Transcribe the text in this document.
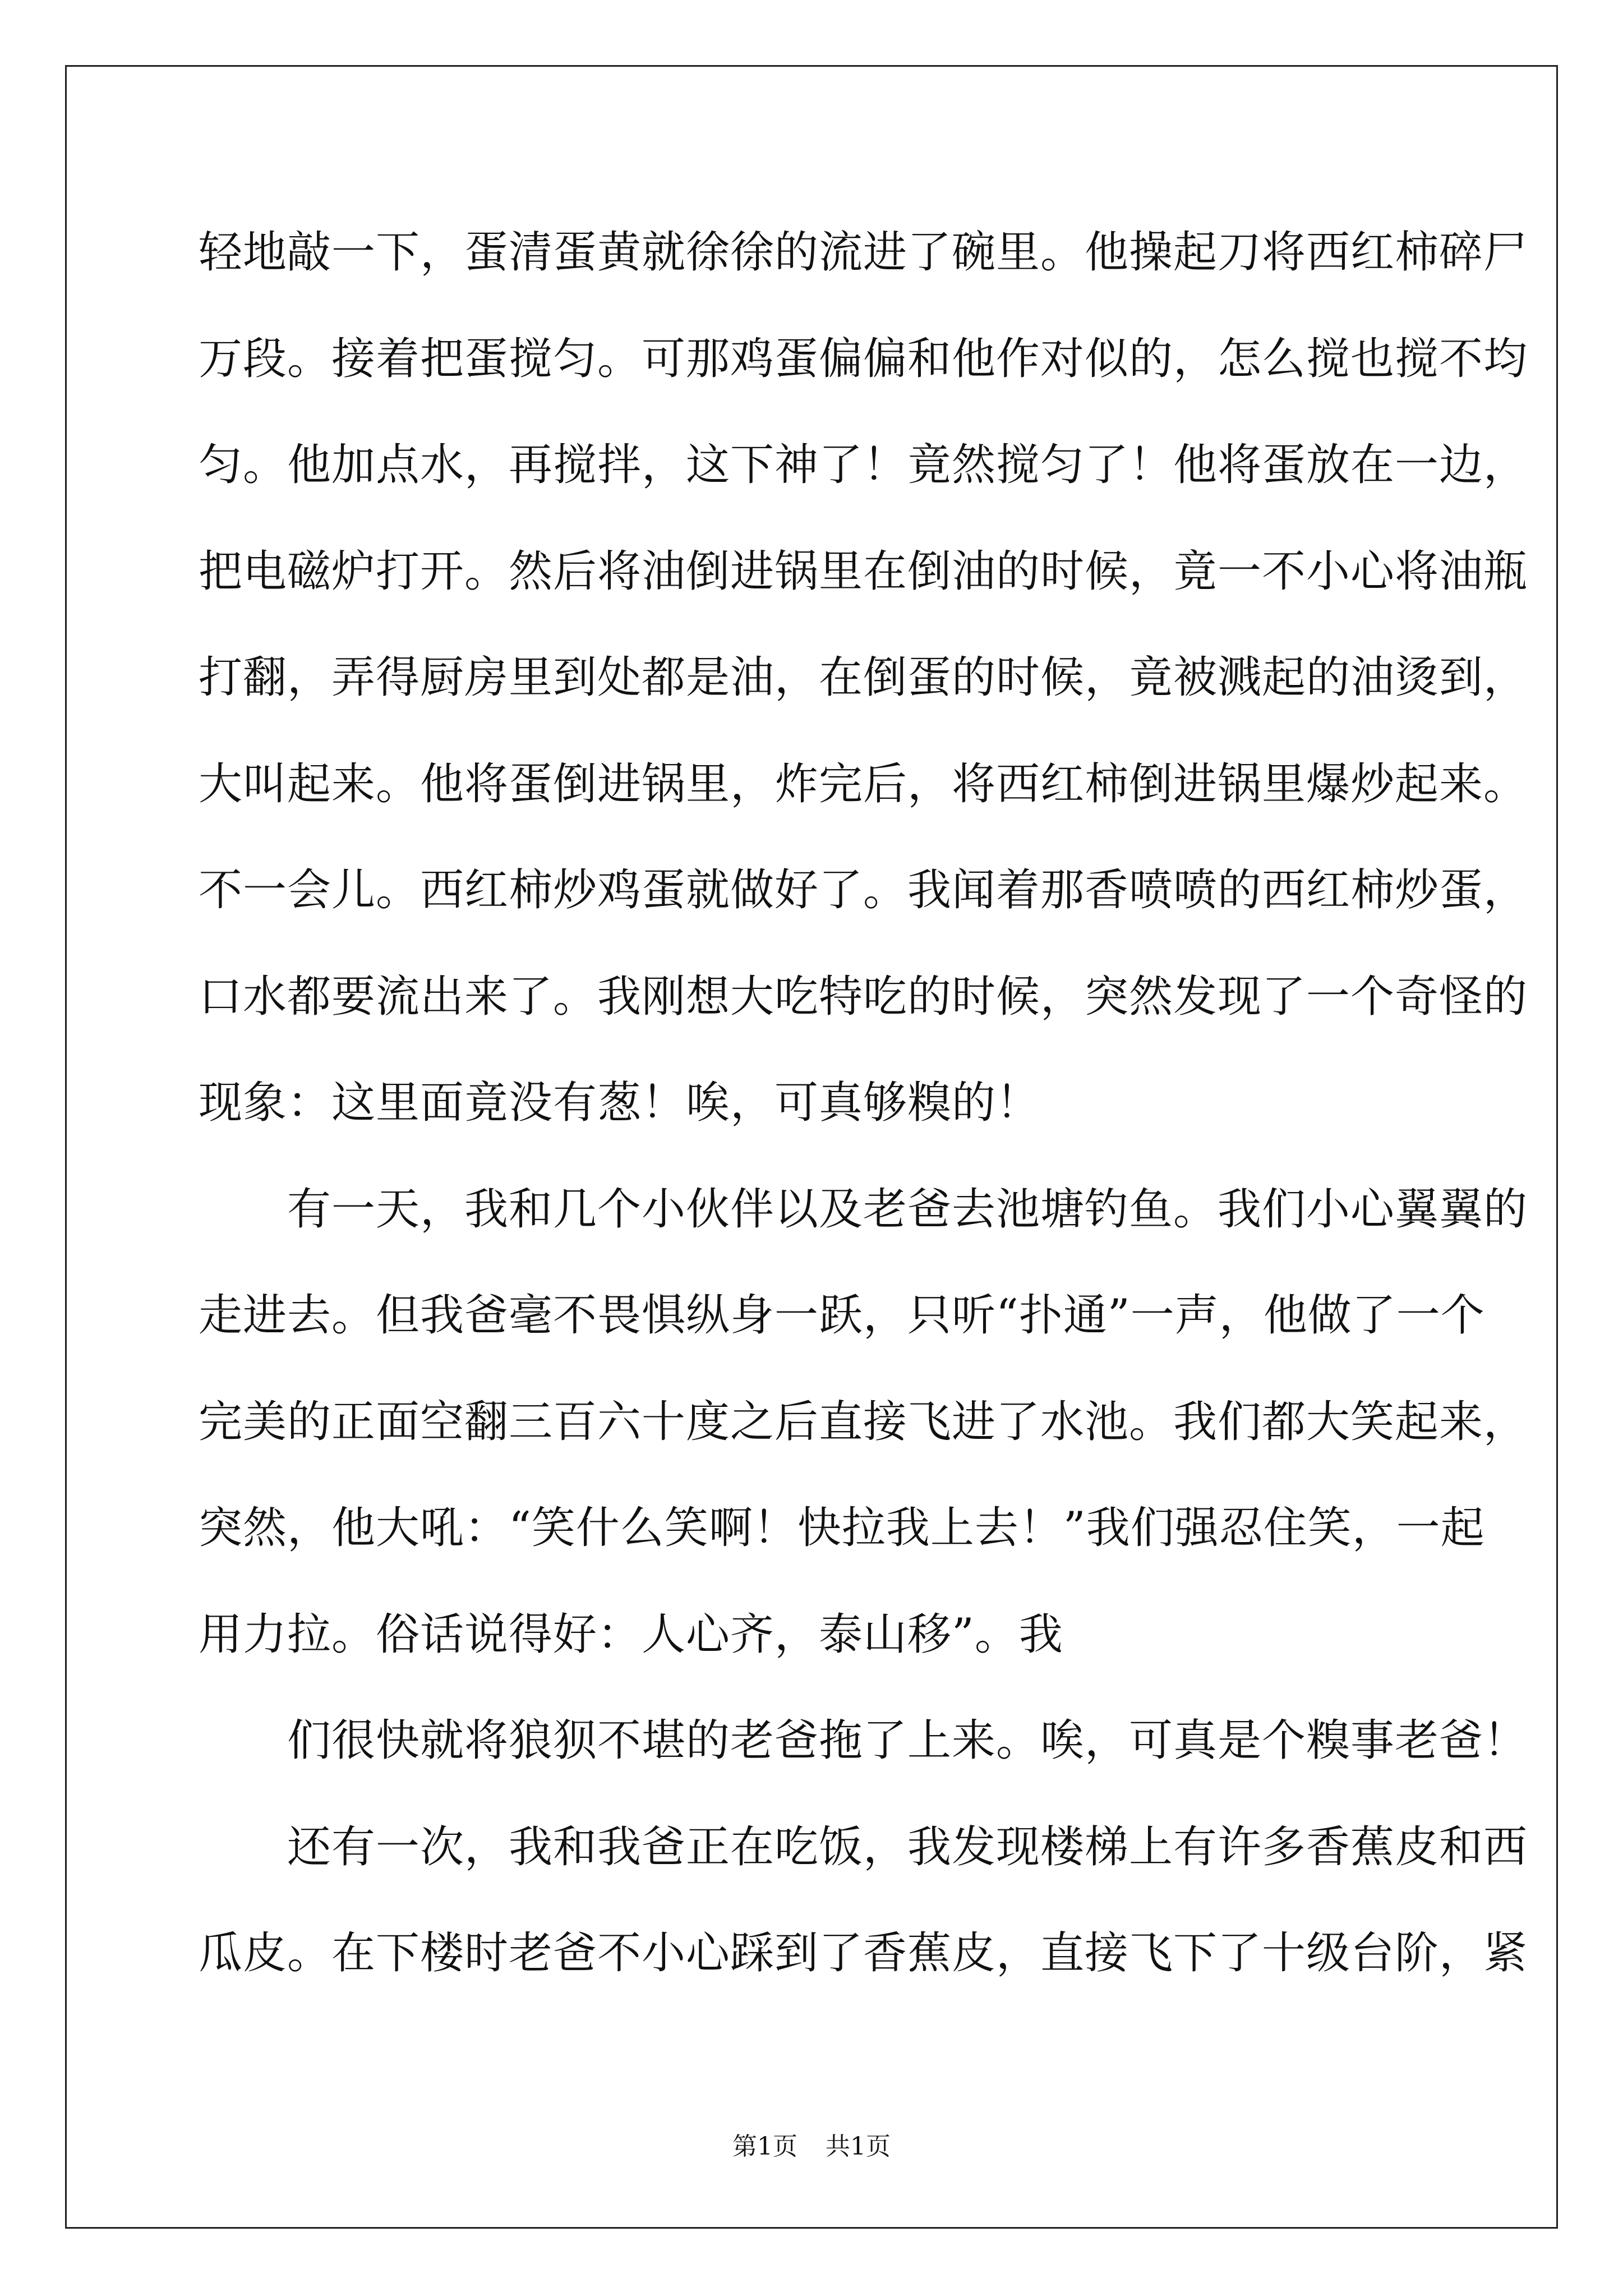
轻地敲一下，蛋清蛋黄就徐徐的流进了碗里。他操起刀将西红柿碎尸
万段。接着把蛋搅匀。可那鸡蛋偏偏和他作对似的，怎么搅也搅不均
匀。他加点水，再搅拌，这下神了！竟然搅匀了！他将蛋放在一边，
把电磁炉打开。然后将油倒进锅里在倒油的时候，竟一不小心将油瓶
打翻，弄得厨房里到处都是油，在倒蛋的时候，竟被溅起的油烫到，
大叫起来。他将蛋倒进锅里，炸完后，将西红柿倒进锅里爆炒起来。
不一会儿。西红柿炒鸡蛋就做好了。我闻着那香喷喷的西红柿炒蛋，
口水都要流出来了。我刚想大吃特吃的时候，突然发现了一个奇怪的
现象：这里面竟没有葱！唉，可真够糗的！
有一天，我和几个小伙伴以及老爸去池塘钓鱼。我们小心翼翼的
走进去。但我爸毫不畏惧纵身一跃，只听“扑通”一声，他做了一个
完美的正面空翻三百六十度之后直接飞进了水池。我们都大笑起来，
突然，他大吼：“笑什么笑啊！快拉我上去！”我们强忍住笑，一起
用力拉。俗话说得好：人心齐，泰山移”。我
们很快就将狼狈不堪的老爸拖了上来。唉，可真是个糗事老爸！
还有一次，我和我爸正在吃饭，我发现楼梯上有许多香蕉皮和西
瓜皮。在下楼时老爸不小心踩到了香蕉皮，直接飞下了十级台阶，紧
第1页 共1页
